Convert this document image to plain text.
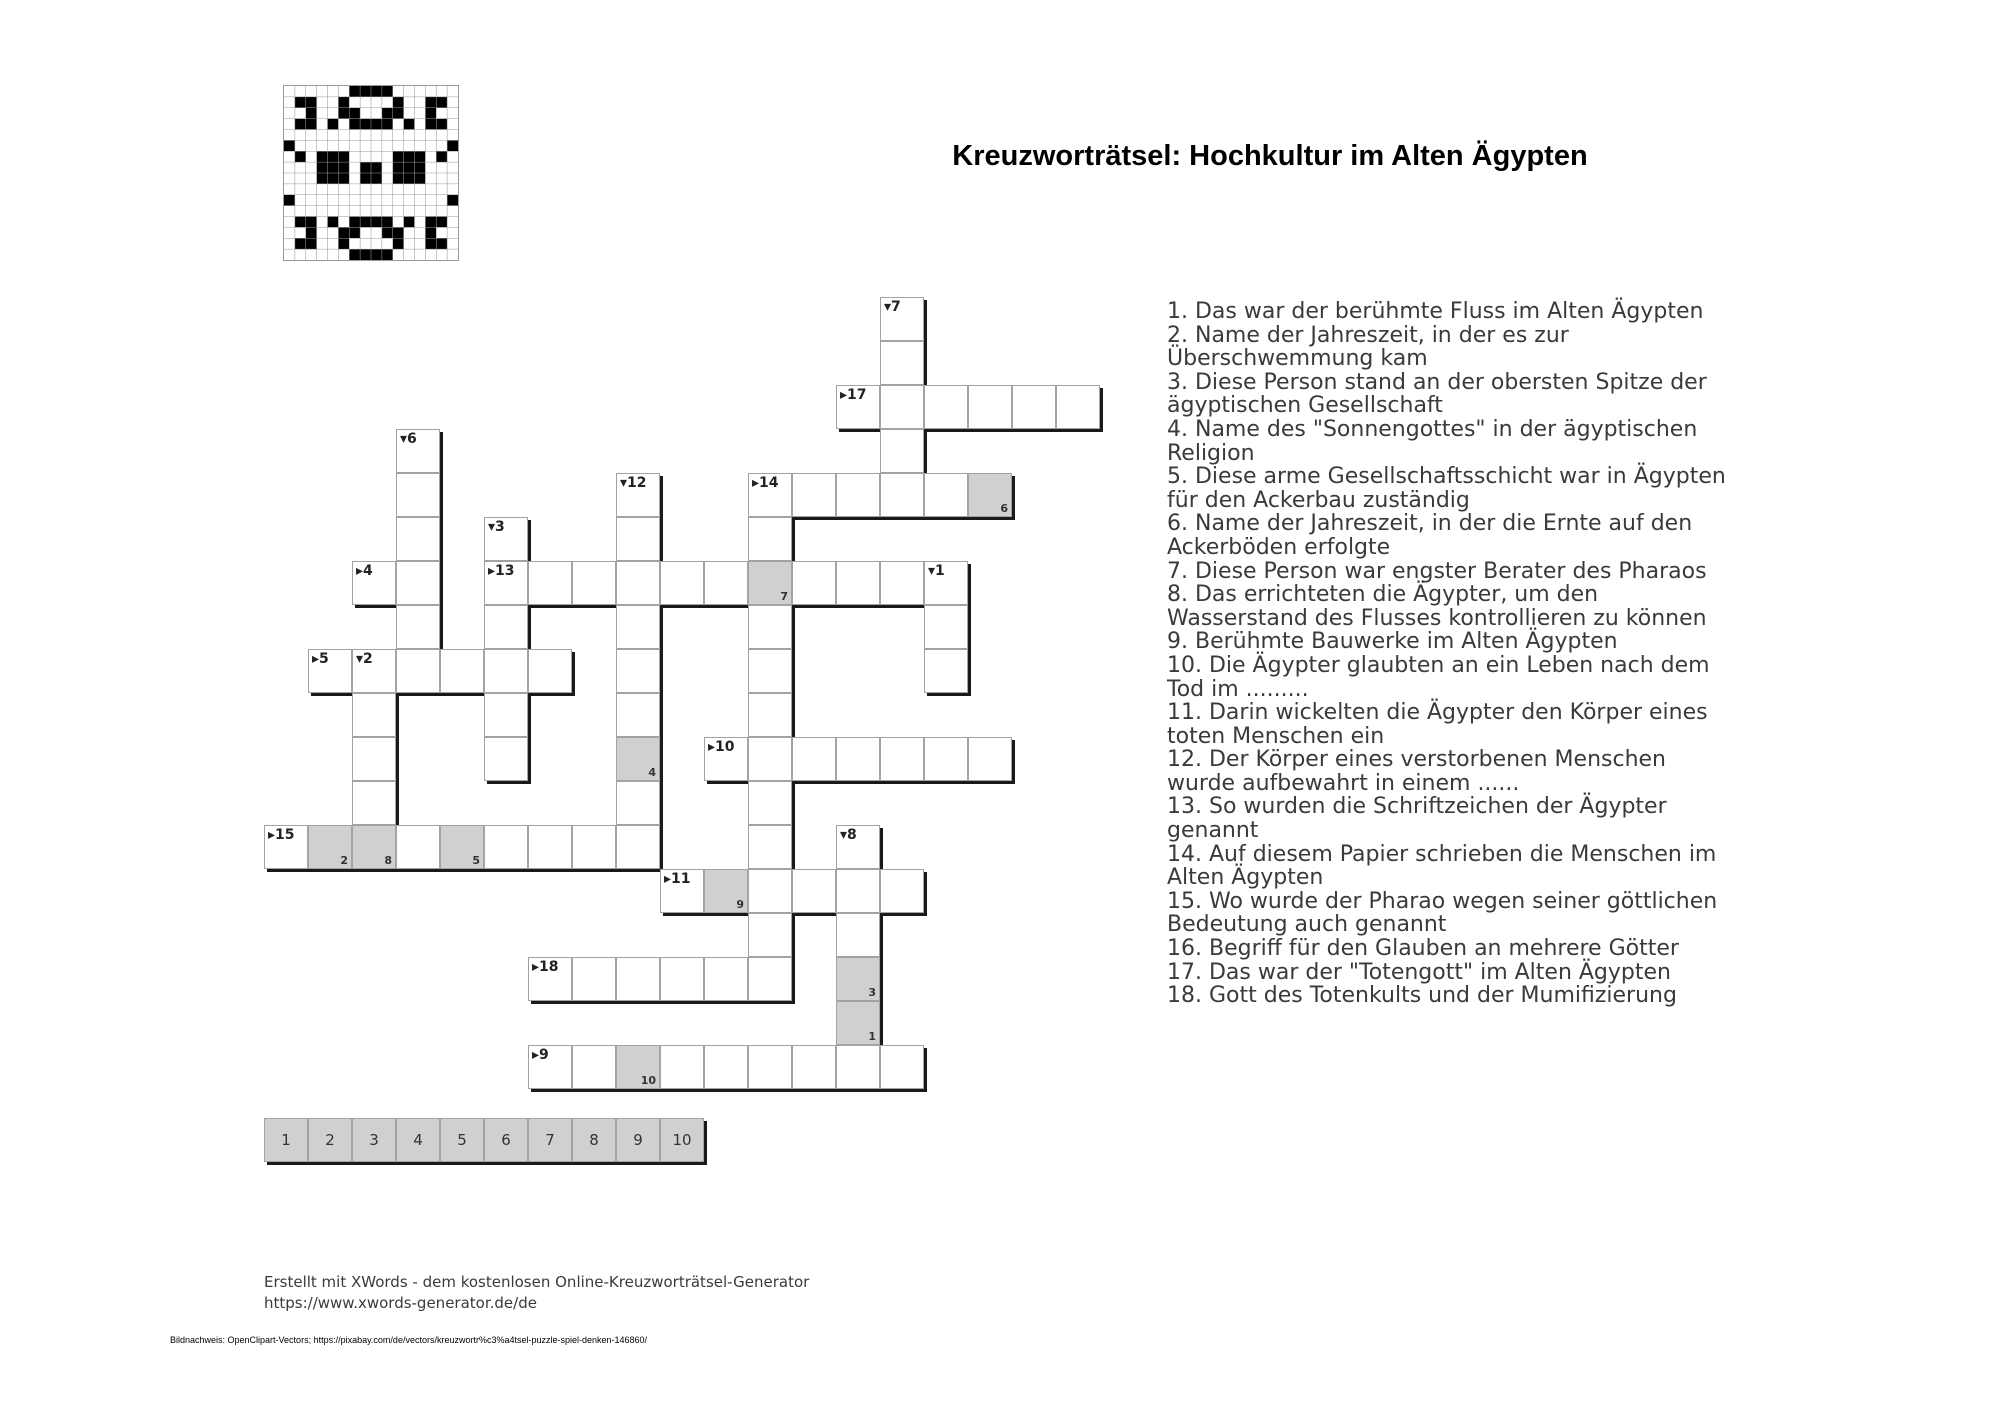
Kreuzworträtsel: Hochkultur im Alten Ägypten
▾7
▸17
▾6
▾12	▸14
6
▾3
▸4	▸13
7
▾1
▸5 ▾2
4
▸10
▸15
2	8	5
▾8
▸11
9
▸18
3
1
▸9
10
1	2	3	4	5	6	7	8	9	10
1. Das war der berühmte Fluss im Alten Ägypten
2. Name der Jahreszeit, in der es zur Überschwemmung kam
3. Diese Person stand an der obersten Spitze der ägyptischen Gesellschaft
4. Name des "Sonnengottes" in der ägyptischen Religion
5. Diese arme Gesellschaftsschicht war in Ägypten für den Ackerbau zuständig
6. Name der Jahreszeit, in der die Ernte auf den Ackerböden erfolgte
7. Diese Person war engster Berater des Pharaos
8. Das errichteten die Ägypter, um den Wasserstand des Flusses kontrollieren zu können
9. Berühmte Bauwerke im Alten Ägypten
10. Die Ägypter glaubten an ein Leben nach dem Tod im .........
11. Darin wickelten die Ägypter den Körper eines toten Menschen ein
12. Der Körper eines verstorbenen Menschen wurde aufbewahrt in einem ......
13. So wurden die Schriftzeichen der Ägypter genannt
14. Auf diesem Papier schrieben die Menschen im Alten Ägypten
15. Wo wurde der Pharao wegen seiner göttlichen Bedeutung auch genannt
16. Begriff für den Glauben an mehrere Götter
17. Das war der "Totengott" im Alten Ägypten
18. Gott des Totenkults und der Mumifizierung
Erstellt mit XWords - dem kostenlosen Online-Kreuzworträtsel-Generator
https://www.xwords-generator.de/de
Bildnachweis: OpenClipart-Vectors; https://pixabay.com/de/vectors/kreuzwortr%c3%a4tsel-puzzle-spiel-denken-146860/
